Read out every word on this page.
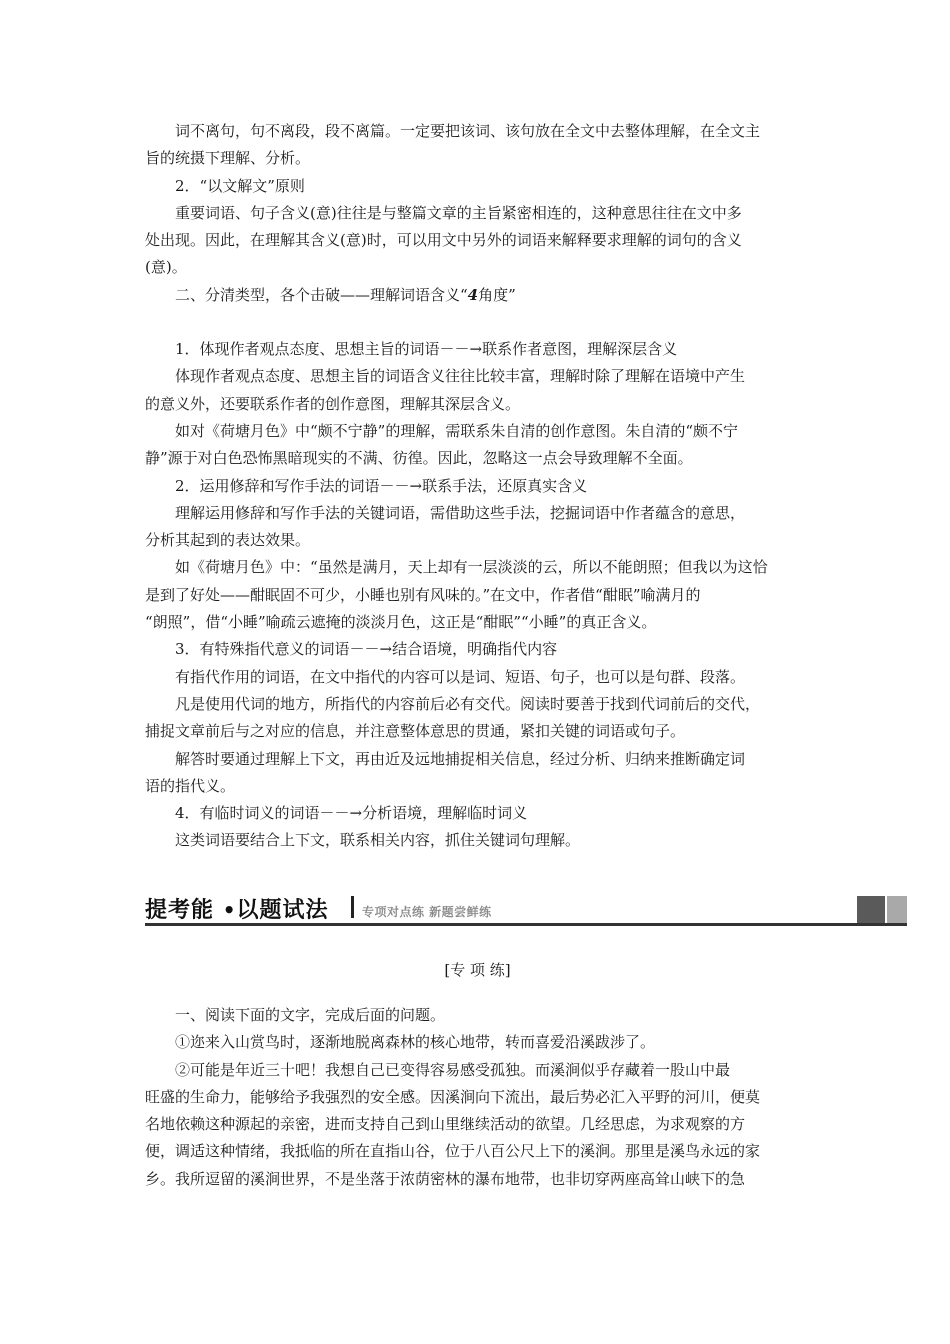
词不离句，句不离段，段不离篇。一定要把该词、该句放在全文中去整体理解，在全文主
旨的统摄下理解、分析。
2．“以文解文”原则
重要词语、句子含义(意)往往是与整篇文章的主旨紧密相连的，这种意思往往在文中多
处出现。因此，在理解其含义(意)时，可以用文中另外的词语来解释要求理解的词句的含义
(意)。
二、分清类型，各个击破——理解词语含义“4角度”
1．体现作者观点态度、思想主旨的词语－－→联系作者意图，理解深层含义
体现作者观点态度、思想主旨的词语含义往往比较丰富，理解时除了理解在语境中产生
的意义外，还要联系作者的创作意图，理解其深层含义。
如对《荷塘月色》中“颇不宁静”的理解，需联系朱自清的创作意图。朱自清的“颇不宁
静”源于对白色恐怖黑暗现实的不满、彷徨。因此，忽略这一点会导致理解不全面。
2．运用修辞和写作手法的词语－－→联系手法，还原真实含义
理解运用修辞和写作手法的关键词语，需借助这些手法，挖掘词语中作者蕴含的意思，
分析其起到的表达效果。
如《荷塘月色》中：“虽然是满月，天上却有一层淡淡的云，所以不能朗照；但我以为这恰
是到了好处——酣眠固不可少，小睡也别有风味的。”在文中，作者借“酣眠”喻满月的
“朗照”，借“小睡”喻疏云遮掩的淡淡月色，这正是“酣眠”“小睡”的真正含义。
3．有特殊指代意义的词语－－→结合语境，明确指代内容
有指代作用的词语，在文中指代的内容可以是词、短语、句子，也可以是句群、段落。
凡是使用代词的地方，所指代的内容前后必有交代。阅读时要善于找到代词前后的交代，
捕捉文章前后与之对应的信息，并注意整体意思的贯通，紧扣关键的词语或句子。
解答时要通过理解上下文，再由近及远地捕捉相关信息，经过分析、归纳来推断确定词
语的指代义。
4．有临时词义的词语－－→分析语境，理解临时词义
这类词语要结合上下文，联系相关内容，抓住关键词句理解。
提考能 •以题试法	专项对点练 新题尝鲜练
[专 项 练]
一、阅读下面的文字，完成后面的问题。
①迩来入山赏鸟时，逐渐地脱离森林的核心地带，转而喜爱沿溪跋涉了。
②可能是年近三十吧！我想自己已变得容易感受孤独。而溪涧似乎存藏着一股山中最
旺盛的生命力，能够给予我强烈的安全感。因溪涧向下流出，最后势必汇入平野的河川，便莫
名地依赖这种源起的亲密，进而支持自己到山里继续活动的欲望。几经思虑，为求观察的方
便，调适这种情绪，我抵临的所在直指山谷，位于八百公尺上下的溪涧。那里是溪鸟永远的家
乡。我所逗留的溪涧世界，不是坐落于浓荫密林的瀑布地带，也非切穿两座高耸山峡下的急
